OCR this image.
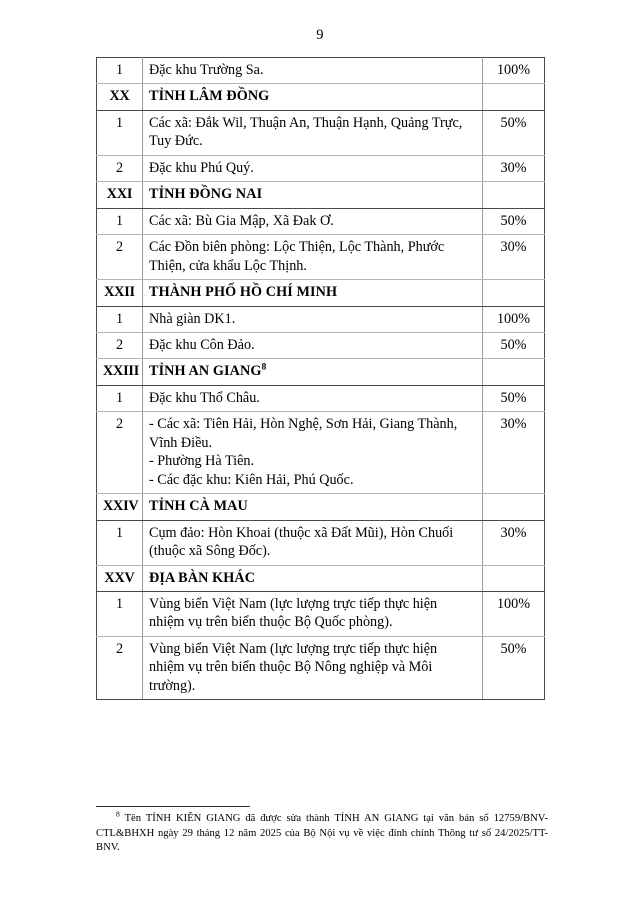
9
1	Đặc khu Trường Sa.	100%
XX	TỈNH LÂM ĐỒNG	

1	Các xã: Đắk Wil, Thuận An, Thuận Hạnh, Quảng Trực,
Tuy Đức.	50%
2	Đặc khu Phú Quý.	30%
XXI	TỈNH ĐỒNG NAI	

1	Các xã: Bù Gia Mập, Xã Đak Ơ.	50%
2	Các Đồn biên phòng: Lộc Thiện, Lộc Thành, Phước
Thiện, cửa khẩu Lộc Thịnh.	30%
XXII	THÀNH PHỐ HỒ CHÍ MINH	

1	Nhà giàn DK1.	100%
2	Đặc khu Côn Đảo.	50%
XXIII	TỈNH AN GIANG$^8$

1	Đặc khu Thổ Châu.	50%
2	- Các xã: Tiên Hải, Hòn Nghệ, Sơn Hải, Giang Thành,
Vĩnh Điều.
- Phường Hà Tiên.
- Các đặc khu: Kiên Hải, Phú Quốc.	30%
XXIV	TỈNH CÀ MAU	

1	Cụm đảo: Hòn Khoai (thuộc xã Đất Mũi), Hòn Chuối
(thuộc xã Sông Đốc).	30%
XXV	ĐỊA BÀN KHÁC	

1	Vùng biển Việt Nam (lực lượng trực tiếp thực hiện
nhiệm vụ trên biển thuộc Bộ Quốc phòng).	100%
2	Vùng biển Việt Nam (lực lượng trực tiếp thực hiện
nhiệm vụ trên biển thuộc Bộ Nông nghiệp và Môi
trường).	50%
$^8$ Tên TỈNH KIÊN GIANG đã được sửa thành TỈNH AN GIANG tại văn bản số 12759/BNV- CTL&BHXH ngày 29 tháng 12 năm 2025 của Bộ Nội vụ về việc đính chính Thông tư số 24/2025/TT-BNV.
